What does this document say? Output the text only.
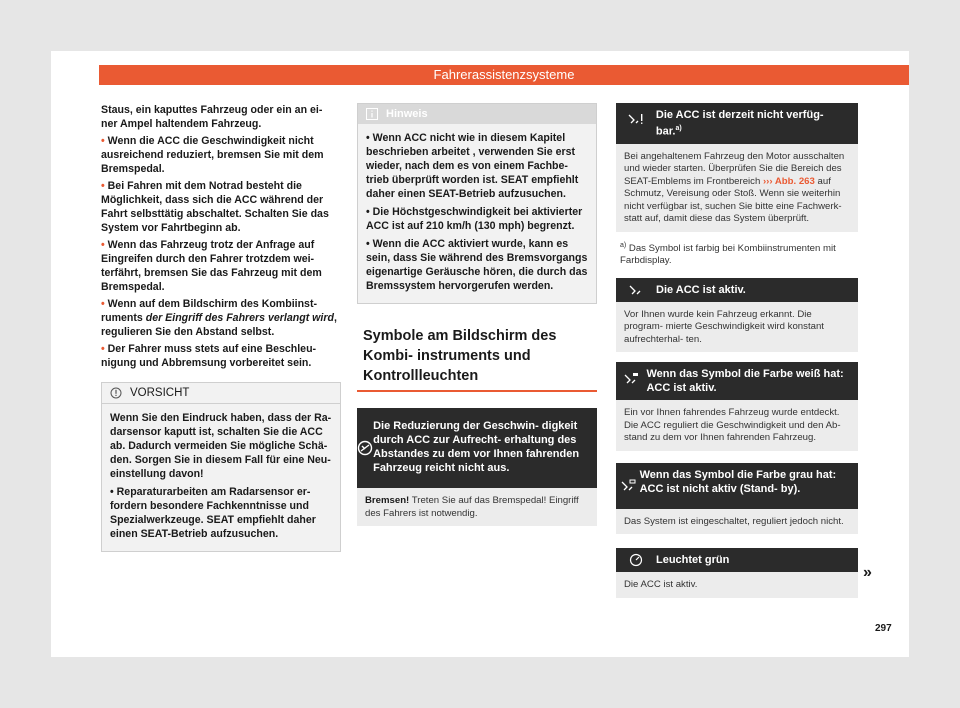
Fahrerassistenzsysteme

Staus, ein kaputtes Fahrzeug oder ein an ei- ner Ampel haltendem Fahrzeug.

• Wenn die ACC die Geschwindigkeit nicht ausreichend reduziert, bremsen Sie mit dem Bremspedal.

• Bei Fahren mit dem Notrad besteht die Möglichkeit, dass sich die ACC während der Fahrt selbsttätig abschaltet. Schalten Sie das System vor Fahrtbeginn ab.

• Wenn das Fahrzeug trotz der Anfrage auf Eingreifen durch den Fahrer trotzdem wei- terfährt, bremsen Sie das Fahrzeug mit dem Bremspedal.

• Wenn auf dem Bildschirm des Kombiinst- ruments der Eingriff des Fahrers verlangt wird, regulieren Sie den Abstand selbst.

• Der Fahrer muss stets auf eine Beschleu- nigung und Abbremsung vorbereitet sein.

VORSICHT

Wenn Sie den Eindruck haben, dass der Ra- darsensor kaputt ist, schalten Sie die ACC ab. Dadurch vermeiden Sie mögliche Schä- den. Sorgen Sie in diesem Fall für eine Neu- einstellung davon!

• Reparaturarbeiten am Radarsensor er- fordern besondere Fachkenntnisse und Spezialwerkzeuge. SEAT empfiehlt daher einen SEAT-Betrieb aufzusuchen.

Hinweis

• Wenn ACC nicht wie in diesem Kapitel beschrieben arbeitet , verwenden Sie erst wieder, nach dem es von einem Fachbe- trieb überprüft worden ist. SEAT empfiehlt daher einen SEAT-Betrieb aufzusuchen.

• Die Höchstgeschwindigkeit bei aktivierter ACC ist auf 210 km/h (130 mph) begrenzt.

• Wenn die ACC aktiviert wurde, kann es sein, dass Sie während des Bremsvorgangs eigenartige Geräusche hören, die durch das Bremssystem hervorgerufen werden.

Symbole am Bildschirm des Kombi- instruments und Kontrollleuchten
Die Reduzierung der Geschwin- digkeit durch ACC zur Aufrecht- erhaltung des Abstandes zu dem vor Ihnen fahrenden Fahrzeug reicht nicht aus.
Bremsen! Treten Sie auf das Bremspedal! Eingriff des Fahrers ist notwendig.
Die ACC ist derzeit nicht verfüg- bar.$^{a)}$
Bei angehaltenem Fahrzeug den Motor ausschalten und wieder starten. Überprüfen Sie die Bereich des SEAT-Emblems im Frontbereich ››› Abb. 263 auf Schmutz, Vereisung oder Stoß. Wenn sie weiterhin nicht verfügbar ist, suchen Sie bitte eine Fachwerk- statt auf, damit diese das System überprüft.
$^{a)}$ Das Symbol ist farbig bei Kombiinstrumenten mit Farbdisplay.
Die ACC ist aktiv.
Vor Ihnen wurde kein Fahrzeug erkannt. Die program- mierte Geschwindigkeit wird konstant aufrechterhal- ten.
Wenn das Symbol die Farbe weiß hat: ACC ist aktiv.
Ein vor Ihnen fahrendes Fahrzeug wurde entdeckt. Die ACC reguliert die Geschwindigkeit und den Ab- stand zu dem vor Ihnen fahrenden Fahrzeug.
Wenn das Symbol die Farbe grau hat: ACC ist nicht aktiv (Stand- by).
Das System ist eingeschaltet, reguliert jedoch nicht.
Leuchtet grün
Die ACC ist aktiv.
»
297
